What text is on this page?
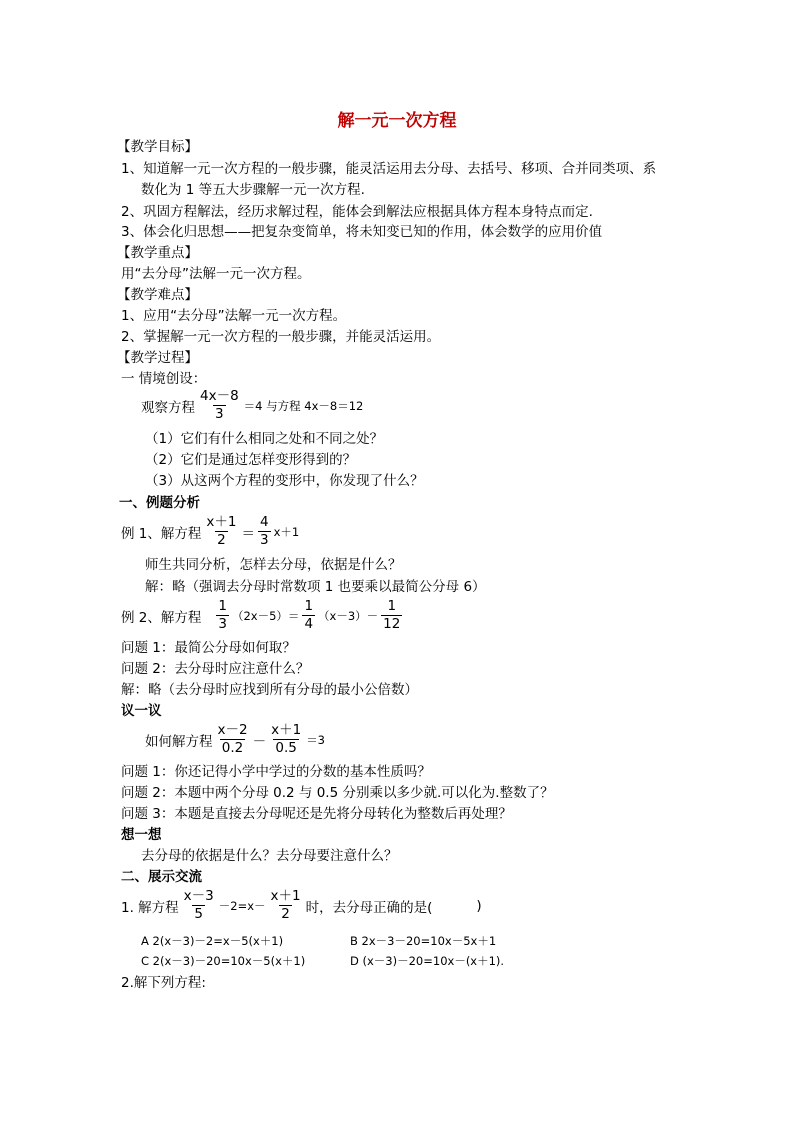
解一元一次方程
【教学目标】
1、知道解一元一次方程的一般步骤，能灵活运用去分母、去括号、移项、合并同类项、系
数化为 1 等五大步骤解一元一次方程.
2、巩固方程解法，经历求解过程，能体会到解法应根据具体方程本身特点而定.
3、体会化归思想——把复杂变简单，将未知变已知的作用，体会数学的应用价值
【教学重点】
用“去分母”法解一元一次方程。
【教学难点】
1、应用“去分母”法解一元一次方程。
2、掌握解一元一次方程的一般步骤，并能灵活运用。
【教学过程】
一 情境创设：
观察方程 $\frac{4x-8}{3} =4$ 与方程 4x－8＝12
（1）它们有什么相同之处和不同之处？
（2）它们是通过怎样变形得到的？
（3）从这两个方程的变形中，你发现了什么？
一、例题分析
例 1、解方程 $\frac{x+1}{2} = \frac{4}{3} x+1$
师生共同分析，怎样去分母，依据是什么？
解：略（强调去分母时常数项 1 也要乘以最简公分母 6）
例 2、解方程 $\frac{1}{3} (2x-5)= \frac{1}{4} (x-3)- \frac{1}{12}$
问题 1：最简公分母如何取？
问题 2：去分母时应注意什么？
解：略（去分母时应找到所有分母的最小公倍数）
议一议
如何解方程 $\frac{x-2}{0.2} - \frac{x+1}{0.5} =3$
问题 1：你还记得小学中学过的分数的基本性质吗？
问题 2：本题中两个分母 0.2 与 0.5 分别乘以多少就.可以化为.整数了？
问题 3：本题是直接去分母呢还是先将分母转化为整数后再处理？
想一想
去分母的依据是什么？去分母要注意什么？
二、展示交流
1. 解方程 $\frac{x-3}{5} -2=x- \frac{x+1}{2}$ 时，去分母正确的是(	)
A 2(x－3)－2=x－5(x＋1)	B 2x－3－20=10x－5x＋1
C 2(x－3)－20=10x－5(x＋1)	D (x－3)－20=10x－(x＋1).
2.解下列方程:
